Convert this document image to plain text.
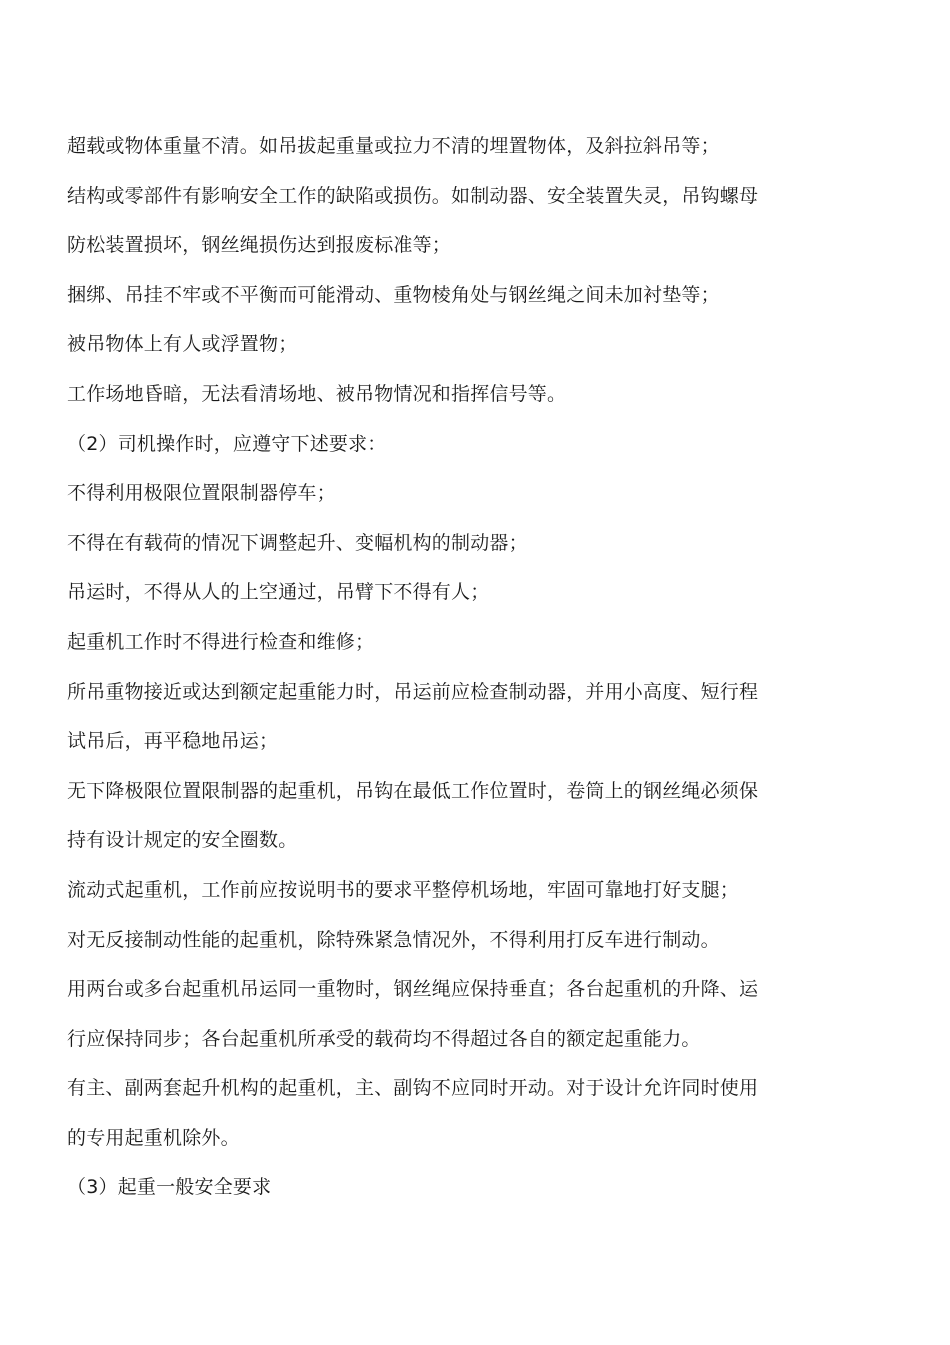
超载或物体重量不清。如吊拔起重量或拉力不清的埋置物体，及斜拉斜吊等；
结构或零部件有影响安全工作的缺陷或损伤。如制动器、安全装置失灵，吊钩螺母
防松装置损坏，钢丝绳损伤达到报废标准等；
捆绑、吊挂不牢或不平衡而可能滑动、重物棱角处与钢丝绳之间未加衬垫等；
被吊物体上有人或浮置物；
工作场地昏暗，无法看清场地、被吊物情况和指挥信号等。
（2）司机操作时，应遵守下述要求：
不得利用极限位置限制器停车；
不得在有载荷的情况下调整起升、变幅机构的制动器；
吊运时，不得从人的上空通过，吊臂下不得有人；
起重机工作时不得进行检查和维修；
所吊重物接近或达到额定起重能力时，吊运前应检查制动器，并用小高度、短行程
试吊后，再平稳地吊运；
无下降极限位置限制器的起重机，吊钩在最低工作位置时，卷筒上的钢丝绳必须保
持有设计规定的安全圈数。
流动式起重机，工作前应按说明书的要求平整停机场地，牢固可靠地打好支腿；
对无反接制动性能的起重机，除特殊紧急情况外，不得利用打反车进行制动。
用两台或多台起重机吊运同一重物时，钢丝绳应保持垂直；各台起重机的升降、运
行应保持同步；各台起重机所承受的载荷均不得超过各自的额定起重能力。
有主、副两套起升机构的起重机，主、副钩不应同时开动。对于设计允许同时使用
的专用起重机除外。
（3）起重一般安全要求
